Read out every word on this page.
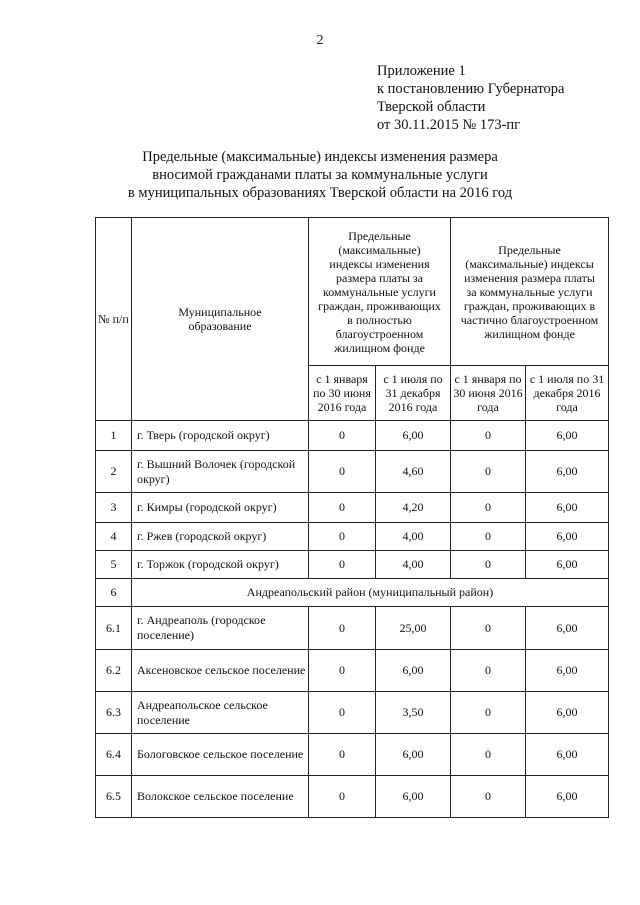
2
Приложение 1
к постановлению Губернатора
Тверской области
от 30.11.2015 № 173-пг
Предельные (максимальные) индексы изменения размера
вносимой гражданами платы за коммунальные услуги
в муниципальных образованиях Тверской области на 2016 год
№ п/п	Муниципальное образование	Предельные (максимальные) индексы изменения размера платы за коммунальные услуги граждан, проживающих в полностью благоустроенном жилищном фонде		Предельные (максимальные) индексы изменения размера платы за коммунальные услуги граждан, проживающих в частично благоустроенном жилищном фонде	
		с 1 января по 30 июня 2016 года	с 1 июля по 31 декабря 2016 года	с 1 января по 30 июня 2016 года	с 1 июля по 31 декабря 2016 года
1	г. Тверь (городской округ)	0	6,00	0	6,00
2	г. Вышний Волочек (городской округ)	0	4,60	0	6,00
3	г. Кимры (городской округ)	0	4,20	0	6,00
4	г. Ржев (городской округ)	0	4,00	0	6,00
5	г. Торжок (городской округ)	0	4,00	0	6,00
6	Андреапольский район (муниципальный район)				
6.1	г. Андреаполь (городское поселение)	0	25,00	0	6,00
6.2	Аксеновское сельское поселение	0	6,00	0	6,00
6.3	Андреапольское сельское поселение	0	3,50	0	6,00
6.4	Бологовское сельское поселение	0	6,00	0	6,00
6.5	Волокское сельское поселение	0	6,00	0	6,00
